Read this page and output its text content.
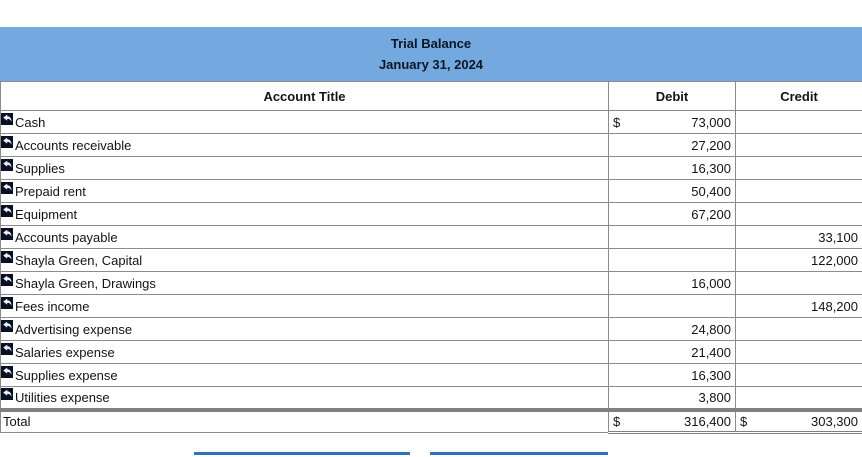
Trial Balance
January 31, 2024
Account Title	Debit	Credit

Cash	$ 73,000	

Accounts receivable	27,200	

Supplies	16,300	

Prepaid rent	50,400	

Equipment	67,200	

Accounts payable		33,100

Shayla Green, Capital		122,000

Shayla Green, Drawings	16,000	

Fees income		148,200

Advertising expense	24,800	

Salaries expense	21,400	

Supplies expense	16,300	

Utilities expense	3,800	

Total	$ 316,400	$ 303,300
